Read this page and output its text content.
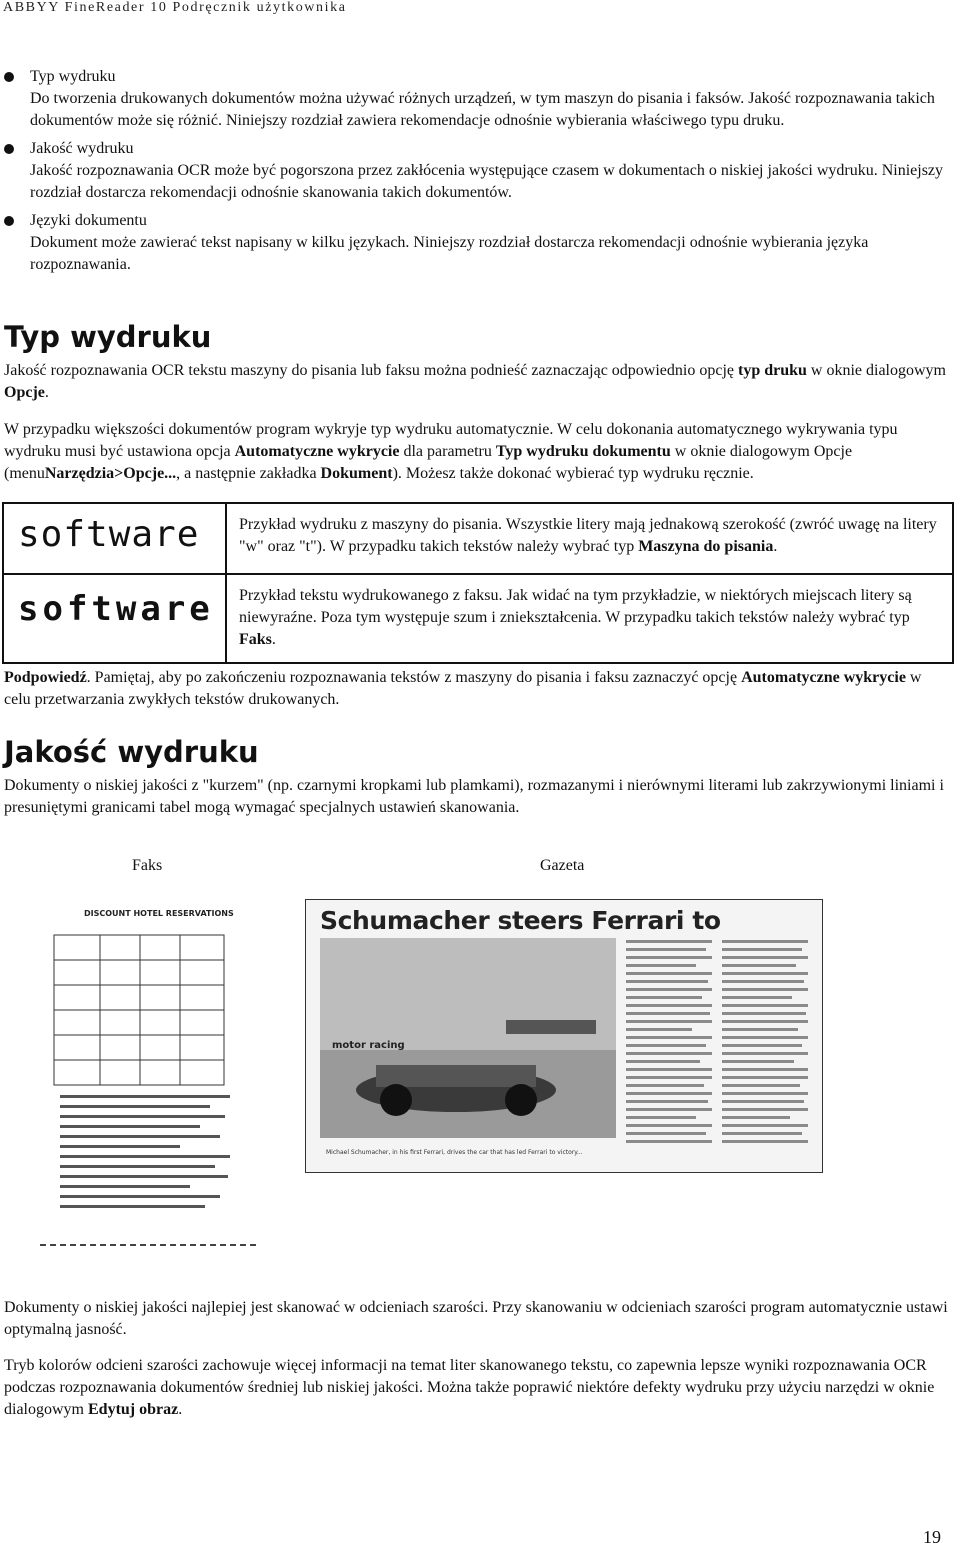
ABBYY FineReader 10 Podręcznik użytkownika
Typ wydruku
Do tworzenia drukowanych dokumentów można używać różnych urządzeń, w tym maszyn do pisania i faksów. Jakość rozpoznawania takich dokumentów może się różnić. Niniejszy rozdział zawiera rekomendacje odnośnie wybierania właściwego typu druku.
Jakość wydruku
Jakość rozpoznawania OCR może być pogorszona przez zakłócenia występujące czasem w dokumentach o niskiej jakości wydruku. Niniejszy rozdział dostarcza rekomendacji odnośnie skanowania takich dokumentów.
Języki dokumentu
Dokument może zawierać tekst napisany w kilku językach. Niniejszy rozdział dostarcza rekomendacji odnośnie wybierania języka rozpoznawania.
Typ wydruku

Jakość rozpoznawania OCR tekstu maszyny do pisania lub faksu można podnieść zaznaczając odpowiednio opcję typ druku w oknie dialogowym Opcje.

W przypadku większości dokumentów program wykryje typ wydruku automatycznie. W celu dokonania automatycznego wykrywania typu wydruku musi być ustawiona opcja Automatyczne wykrycie dla parametru Typ wydruku dokumentu w oknie dialogowym Opcje (menuNarzędzia>Opcje..., a następnie zakładka Dokument). Możesz także dokonać wybierać typ wydruku ręcznie.

software	Przykład wydruku z maszyny do pisania. Wszystkie litery mają jednakową szerokość (zwróć uwagę na litery "w" oraz "t"). W przypadku takich tekstów należy wybrać typ Maszyna do pisania.

software	Przykład tekstu wydrukowanego z faksu. Jak widać na tym przykładzie, w niektórych miejscach litery są niewyraźne. Poza tym występuje szum i zniekształcenia. W przypadku takich tekstów należy wybrać typ Faks.

Podpowiedź. Pamiętaj, aby po zakończeniu rozpoznawania tekstów z maszyny do pisania i faksu zaznaczyć opcję Automatyczne wykrycie w celu przetwarzania zwykłych tekstów drukowanych.

Jakość wydruku

Dokumenty o niskiej jakości z "kurzem" (np. czarnymi kropkami lub plamkami), rozmazanymi i nierównymi literami lub zakrzywionymi liniami i presuniętymi granicami tabel mogą wymagać specjalnych ustawień skanowania.

Faks	Gazeta
DISCOUNT HOTEL RESERVATIONS	Schumacher steers Ferrari to
motor racing
Michael Schumacher, in his first Ferrari, drives the car that has led Ferrari to victory...

Dokumenty o niskiej jakości najlepiej jest skanować w odcieniach szarości. Przy skanowaniu w odcieniach szarości program automatycznie ustawi optymalną jasność.

Tryb kolorów odcieni szarości zachowuje więcej informacji na temat liter skanowanego tekstu, co zapewnia lepsze wyniki rozpoznawania OCR podczas rozpoznawania dokumentów średniej lub niskiej jakości. Można także poprawić niektóre defekty wydruku przy użyciu narzędzi w oknie dialogowym Edytuj obraz.

19
